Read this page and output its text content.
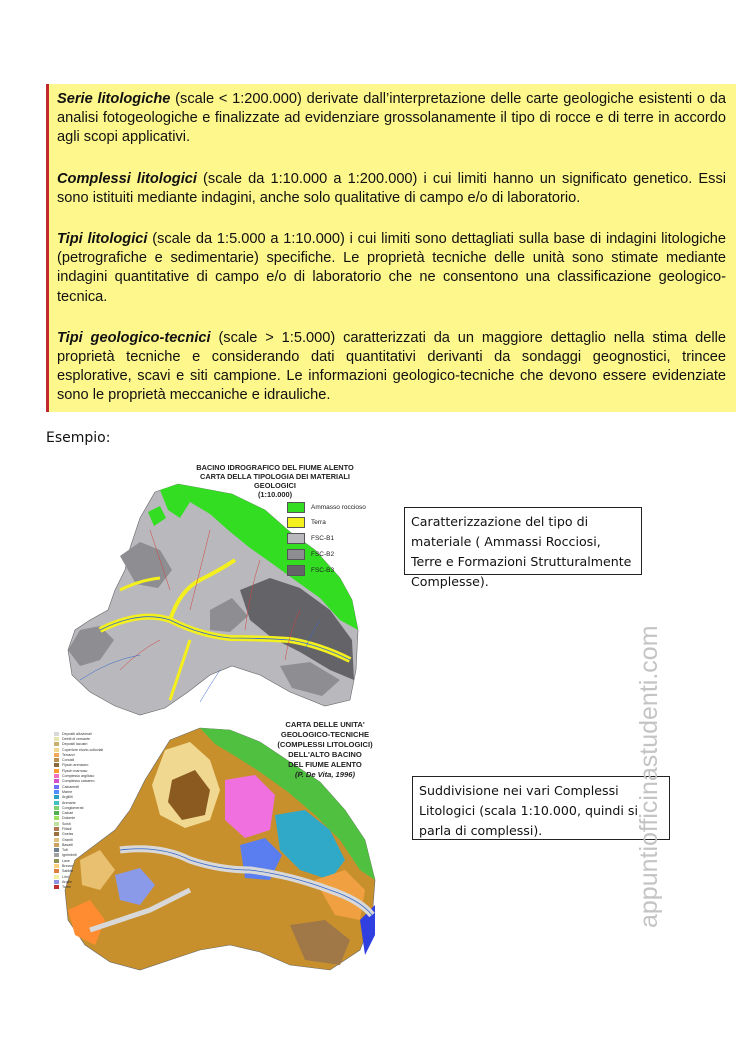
Serie litologiche (scale < 1:200.000) derivate dall’interpretazione delle carte geologiche esistenti o da analisi fotogeologiche e finalizzate ad evidenziare grossolanamente il tipo di rocce e di terre in accordo agli scopi applicativi.

Complessi litologici (scale da 1:10.000 a 1:200.000) i cui limiti hanno un significato genetico. Essi sono istituiti mediante indagini, anche solo qualitative di campo e/o di laboratorio.

Tipi litologici (scale da 1:5.000 a 1:10.000) i cui limiti sono dettagliati sulla base di indagini litologiche (petrografiche e sedimentarie) specifiche. Le proprietà tecniche delle unità sono stimate mediante indagini quantitative di campo e/o di laboratorio che ne consentono una classificazione geologico-tecnica.

Tipi geologico-tecnici (scale > 1:5.000) caratterizzati da un maggiore dettaglio nella stima delle proprietà tecniche e considerando dati quantitativi derivanti da sondaggi geognostici, trincee esplorative, scavi e siti campione. Le informazioni geologico-tecniche che devono essere evidenziate sono le proprietà meccaniche e idrauliche.

Esempio:
BACINO IDROGRAFICO DEL FIUME ALENTO
CARTA DELLA TIPOLOGIA DEI MATERIALI GEOLOGICI
(1:10.000)
Ammasso roccioso
Terra
FSC-B1
FSC-B2
FSC-B3
Caratterizzazione del tipo di materiale ( Ammassi Rocciosi, Terre e Formazioni Strutturalmente Complesse).
CARTA DELLE UNITA'
GEOLOGICO-TECNICHE
(COMPLESSI LITOLOGICI)
DELL'ALTO BACINO
DEL FIUME ALENTO
(P. De Vita, 1996)
Depositi alluvionali
Detriti di versante
Depositi lacustri
Coperture eluvio-colluviali
Terrazzi
Conoidi
Flysch arenaceo
Flysch marnoso
Complesso argilloso
Complesso calcareo
Calcareniti
Marne
Argilliti
Arenarie
Conglomerati
Calcari
Dolomie
Scisti
Filladi
Gneiss
Graniti
Basalti
Tufi
Ignimbriti
Lave
Brecce
Sabbie
Limi
Argille
Torbe
Suddivisione nei vari Complessi Litologici (scala 1:10.000, quindi si parla di complessi).	appuntiofficinastudenti.com
